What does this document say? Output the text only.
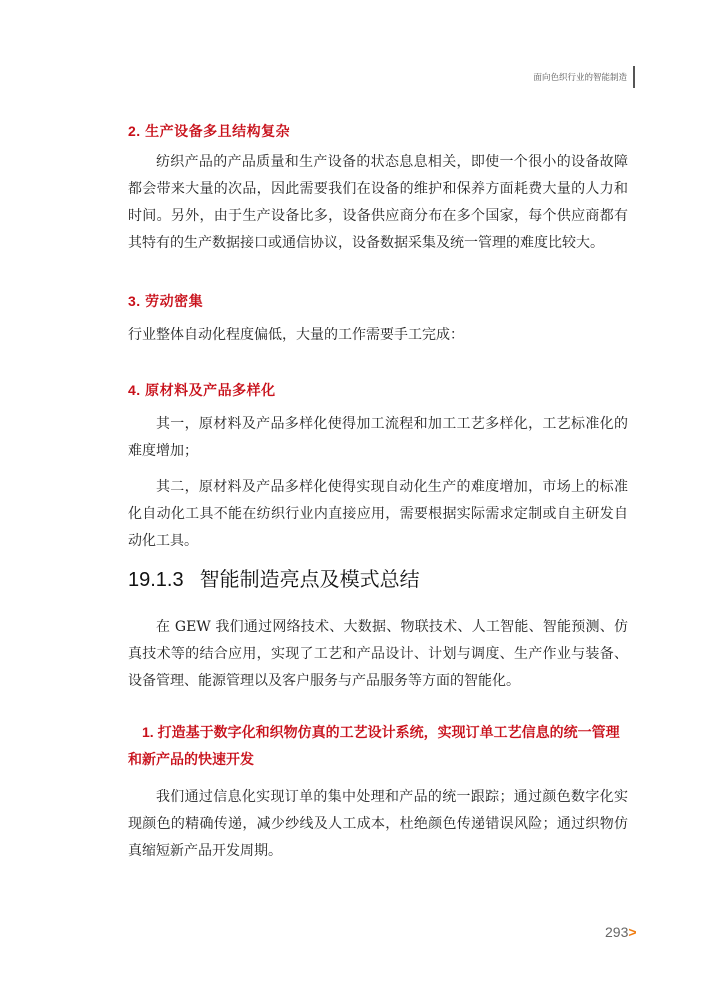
面向色织行业的智能制造
2. 生产设备多且结构复杂
纺织产品的产品质量和生产设备的状态息息相关，即使一个很小的设备故障都会带来大量的次品，因此需要我们在设备的维护和保养方面耗费大量的人力和时间。另外，由于生产设备比多，设备供应商分布在多个国家，每个供应商都有其特有的生产数据接口或通信协议，设备数据采集及统一管理的难度比较大。
3. 劳动密集
行业整体自动化程度偏低，大量的工作需要手工完成：
4. 原材料及产品多样化
其一，原材料及产品多样化使得加工流程和加工工艺多样化，工艺标准化的难度增加；
其二，原材料及产品多样化使得实现自动化生产的难度增加，市场上的标准化自动化工具不能在纺织行业内直接应用，需要根据实际需求定制或自主研发自动化工具。
19.1.3 智能制造亮点及模式总结
在 GEW 我们通过网络技术、大数据、物联技术、人工智能、智能预测、仿真技术等的结合应用，实现了工艺和产品设计、计划与调度、生产作业与装备、设备管理、能源管理以及客户服务与产品服务等方面的智能化。
1. 打造基于数字化和织物仿真的工艺设计系统，实现订单工艺信息的统一管理和新产品的快速开发
我们通过信息化实现订单的集中处理和产品的统一跟踪；通过颜色数字化实现颜色的精确传递，减少纱线及人工成本，杜绝颜色传递错误风险；通过织物仿真缩短新产品开发周期。
293>
